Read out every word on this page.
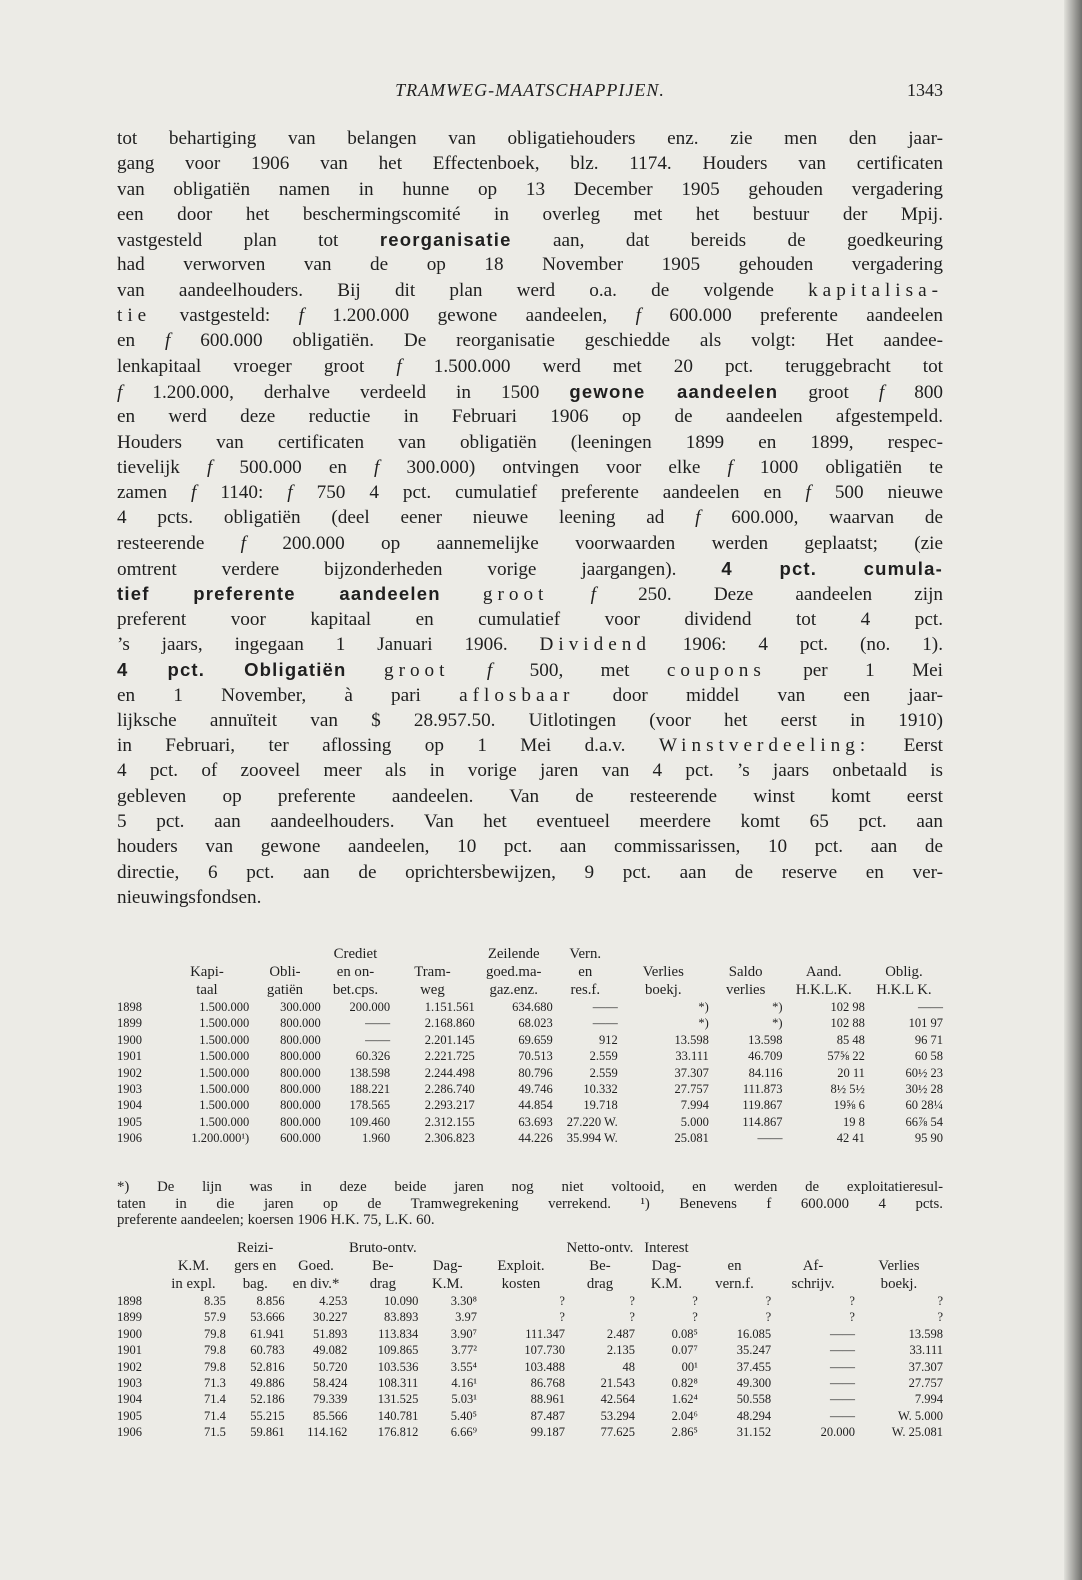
TRAMWEG-MAATSCHAPPIJEN.	1343
tot behartiging van belangen van obligatiehouders enz. zie men den jaar-
gang voor 1906 van het Effectenboek, blz. 1174. Houders van certificaten
van obligatiën namen in hunne op 13 December 1905 gehouden vergadering
een door het beschermingscomité in overleg met het bestuur der Mpij.
vastgesteld plan tot reorganisatie aan, dat bereids de goedkeuring
had verworven van de op 18 November 1905 gehouden vergadering
van aandeelhouders. Bij dit plan werd o.a. de volgende kapitalisa-
tie vastgesteld: f 1.200.000 gewone aandeelen, f 600.000 preferente aandeelen
en f 600.000 obligatiën. De reorganisatie geschiedde als volgt: Het aandee-
lenkapitaal vroeger groot f 1.500.000 werd met 20 pct. teruggebracht tot
f 1.200.000, derhalve verdeeld in 1500 gewone aandeelen groot f 800
en werd deze reductie in Februari 1906 op de aandeelen afgestempeld.
Houders van certificaten van obligatiën (leeningen 1899 en 1899, respec-
tievelijk f 500.000 en f 300.000) ontvingen voor elke f 1000 obligatiën te
zamen f 1140: f 750 4 pct. cumulatief preferente aandeelen en f 500 nieuwe
4 pcts. obligatiën (deel eener nieuwe leening ad f 600.000, waarvan de
resteerende f 200.000 op aannemelijke voorwaarden werden geplaatst; (zie
omtrent verdere bijzonderheden vorige jaargangen). 4 pct. cumula-
tief preferente aandeelen groot f 250. Deze aandeelen zijn
preferent voor kapitaal en cumulatief voor dividend tot 4 pct.
’s jaars, ingegaan 1 Januari 1906. Dividend 1906: 4 pct. (no. 1).
4 pct. Obligatiën groot f 500, met coupons per 1 Mei
en 1 November, à pari aflosbaar door middel van een jaar-
lijksche annuïteit van $ 28.957.50. Uitlotingen (voor het eerst in 1910)
in Februari, ter aflossing op 1 Mei d.a.v. Winstverdeeling: Eerst
4 pct. of zooveel meer als in vorige jaren van 4 pct. ’s jaars onbetaald is
gebleven op preferente aandeelen. Van de resteerende winst komt eerst
5 pct. aan aandeelhouders. Van het eventueel meerdere komt 65 pct. aan
houders van gewone aandeelen, 10 pct. aan commissarissen, 10 pct. aan de
directie, 6 pct. aan de oprichtersbewijzen, 9 pct. aan de reserve en ver-
nieuwingsfondsen.
			Crediet		Zeilende	Vern.				
	Kapi-	Obli-	en on-	Tram-	goed.ma-	en	Verlies	Saldo	Aand.	Oblig.
	taal	gatiën	bet.cps.	weg	gaz.enz.	res.f.	boekj.	verlies	H.K.L.K.	H.K.L K.
1898	1.500.000	300.000	200.000	1.151.561	634.680	——	*)	*)	102 98	——
1899	1.500.000	800.000	——	2.168.860	68.023	——	*)	*)	102 88	101 97
1900	1.500.000	800.000	——	2.201.145	69.659	912	13.598	13.598	85 48	96 71
1901	1.500.000	800.000	60.326	2.221.725	70.513	2.559	33.111	46.709	57⅝ 22	60 58
1902	1.500.000	800.000	138.598	2.244.498	80.796	2.559	37.307	84.116	20 11	60½ 23
1903	1.500.000	800.000	188.221	2.286.740	49.746	10.332	27.757	111.873	8½ 5½	30½ 28
1904	1.500.000	800.000	178.565	2.293.217	44.854	19.718	7.994	119.867	19⅝ 6	60 28¼
1905	1.500.000	800.000	109.460	2.312.155	63.693	27.220 W.	5.000	114.867	19 8	66⅞ 54
1906	1.200.000¹)	600.000	1.960	2.306.823	44.226	35.994 W.	25.081	——	42 41	95 90
*) De lijn was in deze beide jaren nog niet voltooid, en werden de exploitatieresul-
taten in die jaren op de Tramwegrekening verrekend. ¹) Benevens f 600.000 4 pcts.
preferente aandeelen; koersen 1906 H.K. 75, L.K. 60.
		Reizi-		Bruto-ontv.			Netto-ontv.	Interest			
	K.M.	gers en	Goed.	Be-	Dag-	Exploit.	Be-	Dag-	en	Af-	Verlies
	in expl.	bag.	en div.*	drag	K.M.	kosten	drag	K.M.	vern.f.	schrijv.	boekj.
1898	8.35	8.856	4.253	10.090	3.30⁸	?	?	?	?	?	?
1899	57.9	53.666	30.227	83.893	3.97	?	?	?	?	?	?
1900	79.8	61.941	51.893	113.834	3.90⁷	111.347	2.487	0.08⁵	16.085	——	13.598
1901	79.8	60.783	49.082	109.865	3.77²	107.730	2.135	0.07⁷	35.247	——	33.111
1902	79.8	52.816	50.720	103.536	3.55⁴	103.488	48	00¹	37.455	——	37.307
1903	71.3	49.886	58.424	108.311	4.16¹	86.768	21.543	0.82⁸	49.300	——	27.757
1904	71.4	52.186	79.339	131.525	5.03¹	88.961	42.564	1.62⁴	50.558	——	7.994
1905	71.4	55.215	85.566	140.781	5.40⁵	87.487	53.294	2.04⁶	48.294	——	W. 5.000
1906	71.5	59.861	114.162	176.812	6.66⁹	99.187	77.625	2.86⁵	31.152	20.000	W. 25.081
